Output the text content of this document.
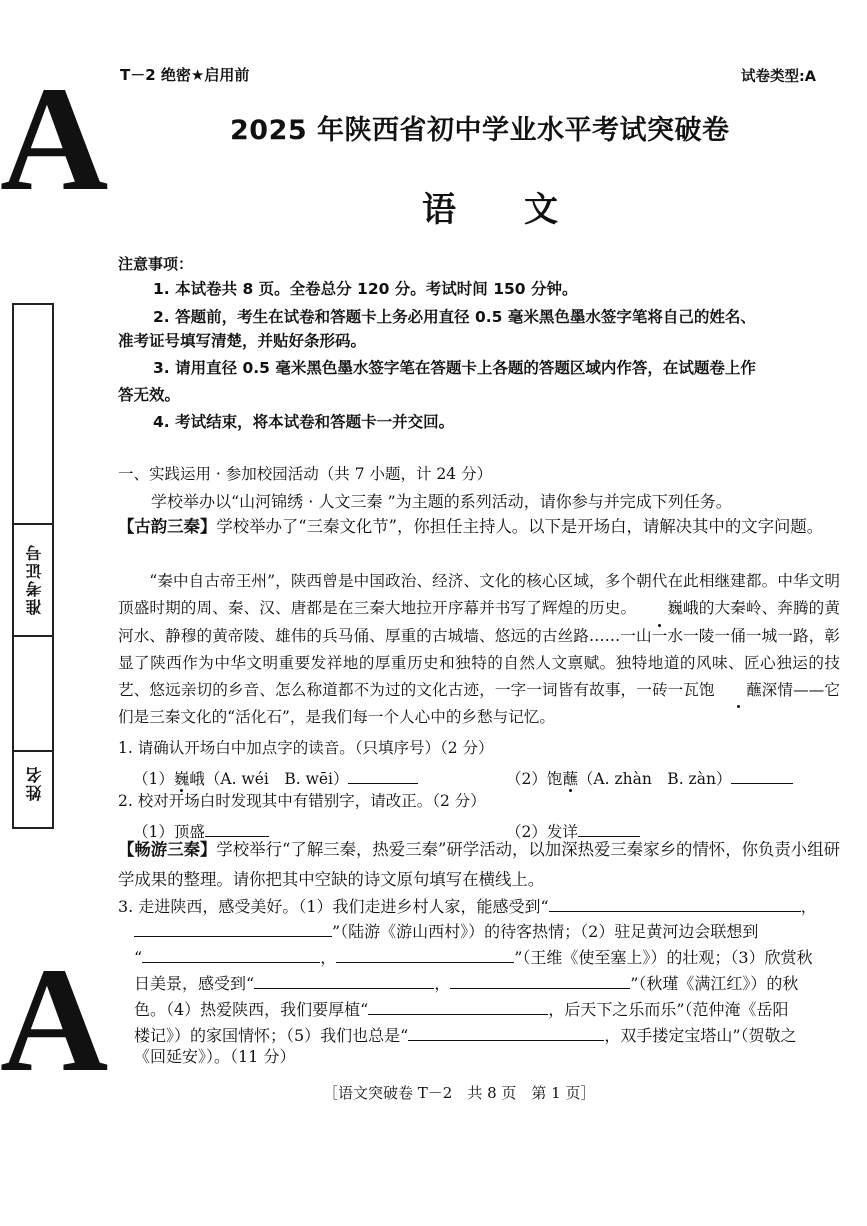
A
A
准考证号
姓名
T－2 绝密★启用前	试卷类型:A
2025 年陕西省初中学业水平考试突破卷
语　　文
注意事项：
1. 本试卷共 8 页。全卷总分 120 分。考试时间 150 分钟。
2. 答题前，考生在试卷和答题卡上务必用直径 0.5 毫米黑色墨水签字笔将自己的姓名、
准考证号填写清楚，并贴好条形码。
3. 请用直径 0.5 毫米黑色墨水签字笔在答题卡上各题的答题区域内作答，在试题卷上作
答无效。
4. 考试结束，将本试卷和答题卡一并交回。
一、实践运用 · 参加校园活动（共 7 小题，计 24 分）
学校举办以“山河锦绣 · 人文三秦 ”为主题的系列活动，请你参与并完成下列任务。
【古韵三秦】学校举办了“三秦文化节”，你担任主持人。以下是开场白，请解决其中的文字问题。
“秦中自古帝王州”，陕西曾是中国政治、经济、文化的核心区域，多个朝代在此相继建都。中华文明顶盛时期的周、秦、汉、唐都是在三秦大地拉开序幕并书写了辉煌的历史。 巍峨的大秦岭、奔腾的黄河水、静穆的黄帝陵、雄伟的兵马俑、厚重的古城墙、悠远的古丝路……一山一水一陵一俑一城一路，彰显了陕西作为中华文明重要发祥地的厚重历史和独特的自然人文禀赋。独特地道的风味、匠心独运的技艺、悠远亲切的乡音、怎么称道都不为过的文化古迹，一字一词皆有故事，一砖一瓦饱 蘸深情——它们是三秦文化的“活化石”，是我们每一个人心中的乡愁与记忆。
1. 请确认开场白中加点字的读音。（只填序号）（2 分）
（1）巍峨（A. wéi　B. wēi）	（2）饱蘸（A. zhàn　B. zàn）
2. 校对开场白时发现其中有错别字，请改正。（2 分）
（1）顶盛	（2）发详
【畅游三秦】学校举行“了解三秦，热爱三秦”研学活动，以加深热爱三秦家乡的情怀，你负责小组研学成果的整理。请你把其中空缺的诗文原句填写在横线上。
3. 走进陕西，感受美好。（1）我们走进乡村人家，能感受到“	，
”（陆游《游山西村》）的待客热情；（2）驻足黄河边会联想到
“	，	”（王维《使至塞上》）的壮观；（3）欣赏秋
日美景，感受到“	，	”（秋瑾《满江红》）的秋
色。（4）热爱陕西，我们要厚植“	，后天下之乐而乐”（范仲淹《岳阳
楼记》）的家国情怀；（5）我们也总是“	，双手搂定宝塔山”（贺敬之
《回延安》）。（11 分）
［语文突破卷 T－2　共 8 页　第 1 页］
